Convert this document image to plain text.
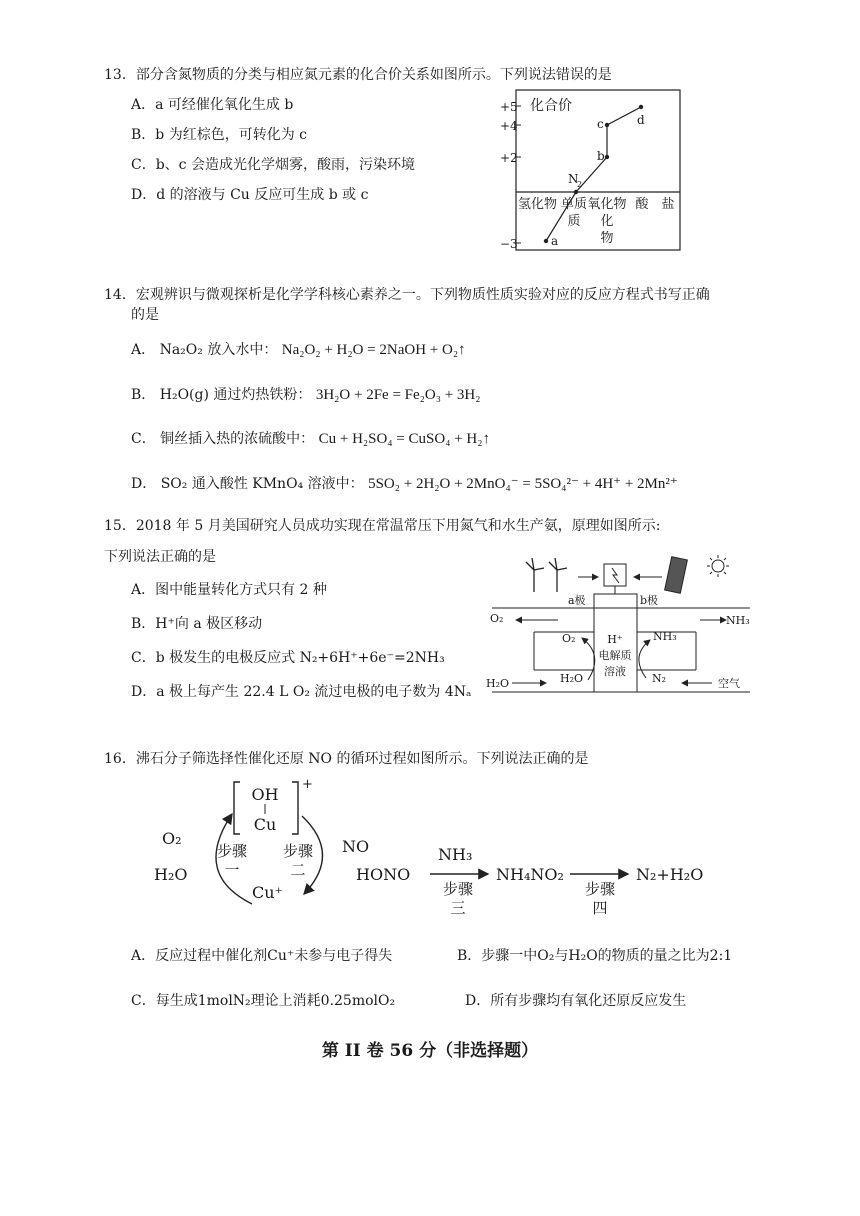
13．部分含氮物质的分类与相应氮元素的化合价关系如图所示。下列说法错误的是
A．a 可经催化氧化生成 b
B．b 为红棕色，可转化为 c
C．b、c 会造成光化学烟雾，酸雨，污染环境
D．d 的溶液与 Cu 反应可生成 b 或 c
化合价
+5
+4
+2
−3
氢化物 单质
质
氧化物
化
物
酸 盐
a
N
2
b
c	d
14．宏观辨识与微观探析是化学学科核心素养之一。下列物质性质实验对应的反应方程式书写正确
的是
A． Na₂O₂ 放入水中： Na₂O₂ + H₂O = 2NaOH + O₂↑
B． H₂O(g) 通过灼热铁粉： 3H₂O + 2Fe = Fe₂O₃ + 3H₂
C． 铜丝插入热的浓硫酸中： Cu + H₂SO₄ = CuSO₄ + H₂↑
D． SO₂ 通入酸性 KMnO₄ 溶液中： 5SO₂ + 2H₂O + 2MnO₄⁻ = 5SO₄²⁻ + 4H⁺ + 2Mn²⁺
15．2018 年 5 月美国研究人员成功实现在常温常压下用氮气和水生产氨，原理如图所示:
下列说法正确的是
A．图中能量转化方式只有 2 种
B．H⁺向 a 极区移动
C．b 极发生的电极反应式 N₂+6H⁺+6e⁻=2NH₃
D．a 极上每产生 22.4 L O₂ 流过电极的电子数为 4Nₐ
a极	b极
H⁺
电解质
溶液
O₂	NH₃
H₂O	空气
H₂O
O₂
N₂
NH₃
16．沸石分子筛选择性催化还原 NO 的循环过程如图所示。下列说法正确的是
+
OH
Cu
O₂
H₂O
步骤
一
步骤
二
Cu⁺
NO
HONO
NH₃
步骤
三
NH₄NO₂
步骤
四
N₂+H₂O
A．反应过程中催化剂Cu⁺未参与电子得失	B．步骤一中O₂与H₂O的物质的量之比为2:1
C．每生成1molN₂理论上消耗0.25molO₂	D．所有步骤均有氧化还原反应发生
第 II 卷 56 分（非选择题）
